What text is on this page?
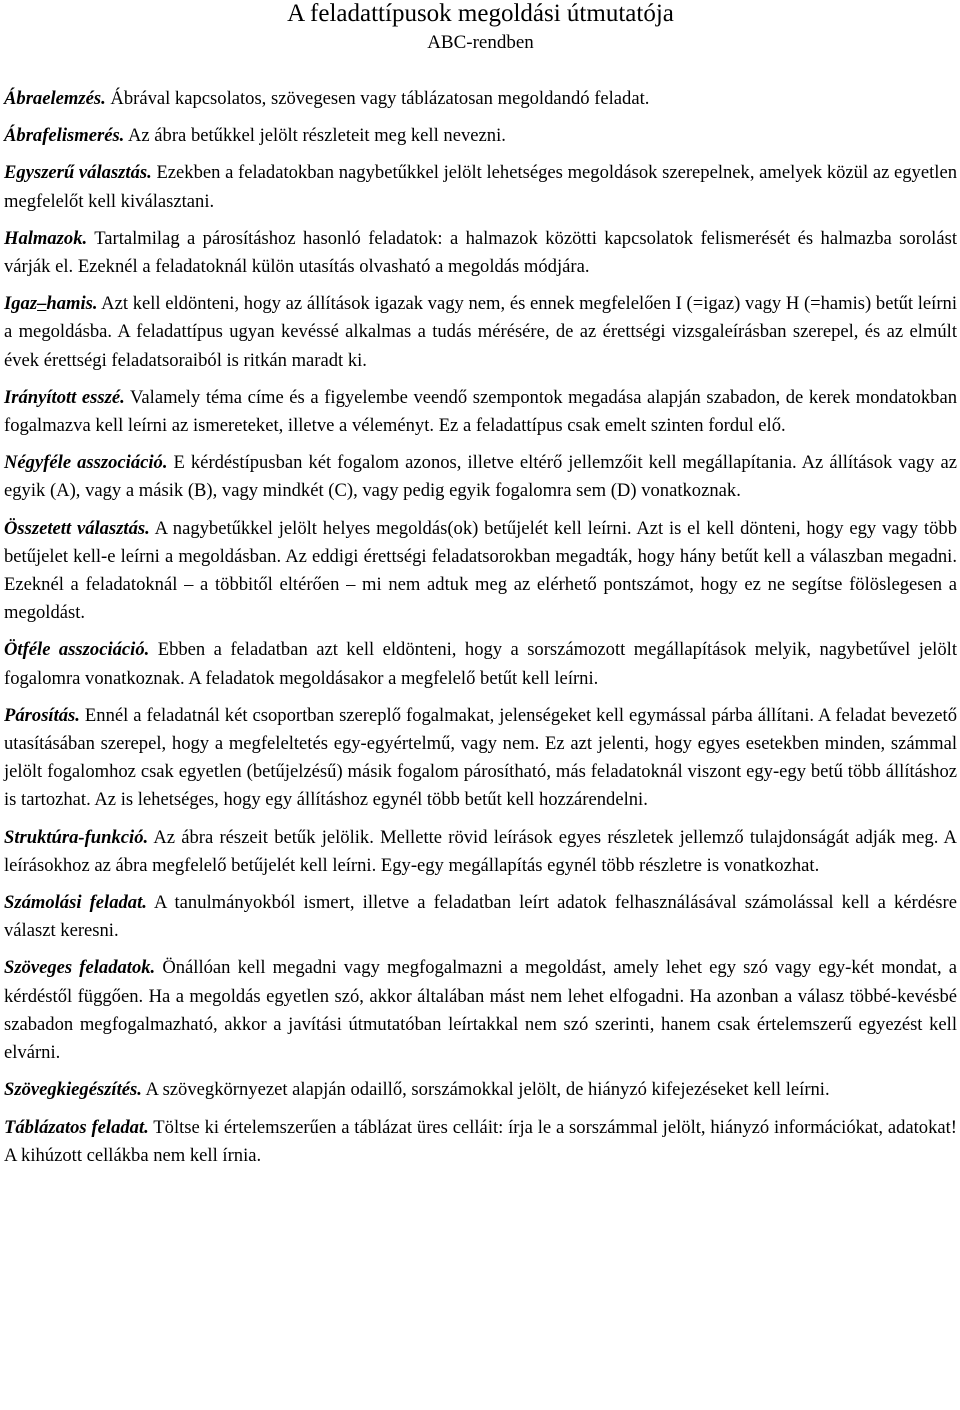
A feladattípusok megoldási útmutatója
ABC-rendben

Ábraelemzés. Ábrával kapcsolatos, szövegesen vagy táblázatosan megoldandó feladat.

Ábrafelismerés. Az ábra betűkkel jelölt részleteit meg kell nevezni.

Egyszerű választás. Ezekben a feladatokban nagybetűkkel jelölt lehetséges megoldások szerepelnek, amelyek közül az egyetlen megfelelőt kell kiválasztani.

Halmazok. Tartalmilag a párosításhoz hasonló feladatok: a halmazok közötti kapcsolatok felismerését és halmazba sorolást várják el. Ezeknél a feladatoknál külön utasítás olvasható a megoldás módjára.

Igaz–hamis. Azt kell eldönteni, hogy az állítások igazak vagy nem, és ennek megfelelően I (=igaz) vagy H (=hamis) betűt leírni a megoldásba. A feladattípus ugyan kevéssé alkalmas a tudás mérésére, de az érettségi vizsgaleírásban szerepel, és az elmúlt évek érettségi feladatsoraiból is ritkán maradt ki.

Irányított esszé. Valamely téma címe és a figyelembe veendő szempontok megadása alapján szabadon, de kerek mondatokban fogalmazva kell leírni az ismereteket, illetve a véleményt. Ez a feladattípus csak emelt szinten fordul elő.

Négyféle asszociáció. E kérdéstípusban két fogalom azonos, illetve eltérő jellemzőit kell megállapítania. Az állítások vagy az egyik (A), vagy a másik (B), vagy mindkét (C), vagy pedig egyik fogalomra sem (D) vonatkoznak.

Összetett választás. A nagybetűkkel jelölt helyes megoldás(ok) betűjelét kell leírni. Azt is el kell dönteni, hogy egy vagy több betűjelet kell-e leírni a megoldásban. Az eddigi érettségi feladatsorokban megadták, hogy hány betűt kell a válaszban megadni. Ezeknél a feladatoknál – a többitől eltérően – mi nem adtuk meg az elérhető pontszámot, hogy ez ne segítse fölöslegesen a megoldást.

Ötféle asszociáció. Ebben a feladatban azt kell eldönteni, hogy a sorszámozott megállapítások melyik, nagybetűvel jelölt fogalomra vonatkoznak. A feladatok megoldásakor a megfelelő betűt kell leírni.

Párosítás. Ennél a feladatnál két csoportban szereplő fogalmakat, jelenségeket kell egymással párba állítani. A feladat bevezető utasításában szerepel, hogy a megfeleltetés egy-egyértelmű, vagy nem. Ez azt jelenti, hogy egyes esetekben minden, számmal jelölt fogalomhoz csak egyetlen (betűjelzésű) másik fogalom párosítható, más feladatoknál viszont egy-egy betű több állításhoz is tartozhat. Az is lehetséges, hogy egy állításhoz egynél több betűt kell hozzárendelni.

Struktúra-funkció. Az ábra részeit betűk jelölik. Mellette rövid leírások egyes részletek jellemző tulajdonságát adják meg. A leírásokhoz az ábra megfelelő betűjelét kell leírni. Egy-egy megállapítás egynél több részletre is vonatkozhat.

Számolási feladat. A tanulmányokból ismert, illetve a feladatban leírt adatok felhasználásával számolással kell a kérdésre választ keresni.

Szöveges feladatok. Önállóan kell megadni vagy megfogalmazni a megoldást, amely lehet egy szó vagy egy-két mondat, a kérdéstől függően. Ha a megoldás egyetlen szó, akkor általában mást nem lehet elfogadni. Ha azonban a válasz többé-kevésbé szabadon megfogalmazható, akkor a javítási útmutatóban leírtakkal nem szó szerinti, hanem csak értelemszerű egyezést kell elvárni.

Szövegkiegészítés. A szövegkörnyezet alapján odaillő, sorszámokkal jelölt, de hiányzó kifejezéseket kell leírni.

Táblázatos feladat. Töltse ki értelemszerűen a táblázat üres celláit: írja le a sorszámmal jelölt, hiányzó információkat, adatokat! A kihúzott cellákba nem kell írnia.
